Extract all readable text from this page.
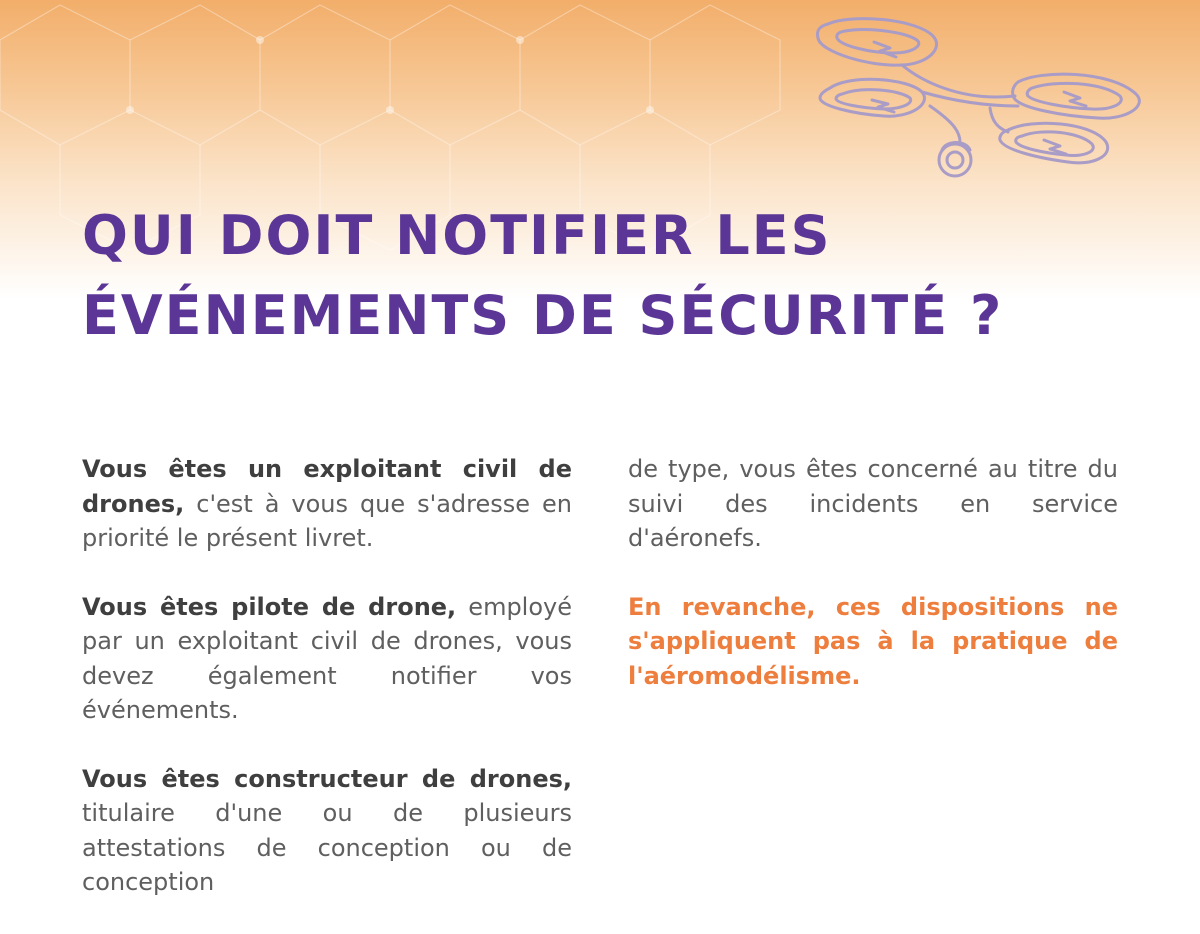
QUI DOIT NOTIFIER LES
ÉVÉNEMENTS DE SÉCURITÉ ?

Vous êtes un exploitant civil de drones, c'est à vous que s'adresse en priorité le présent livret.

Vous êtes pilote de drone, employé par un exploitant civil de drones, vous devez également notifier vos événements.

Vous êtes constructeur de drones, titulaire d'une ou de plusieurs attestations de conception ou de conception

de type, vous êtes concerné au titre du suivi des incidents en service d'aéronefs.

En revanche, ces dispositions ne s'appliquent pas à la pratique de l'aéromodélisme.
